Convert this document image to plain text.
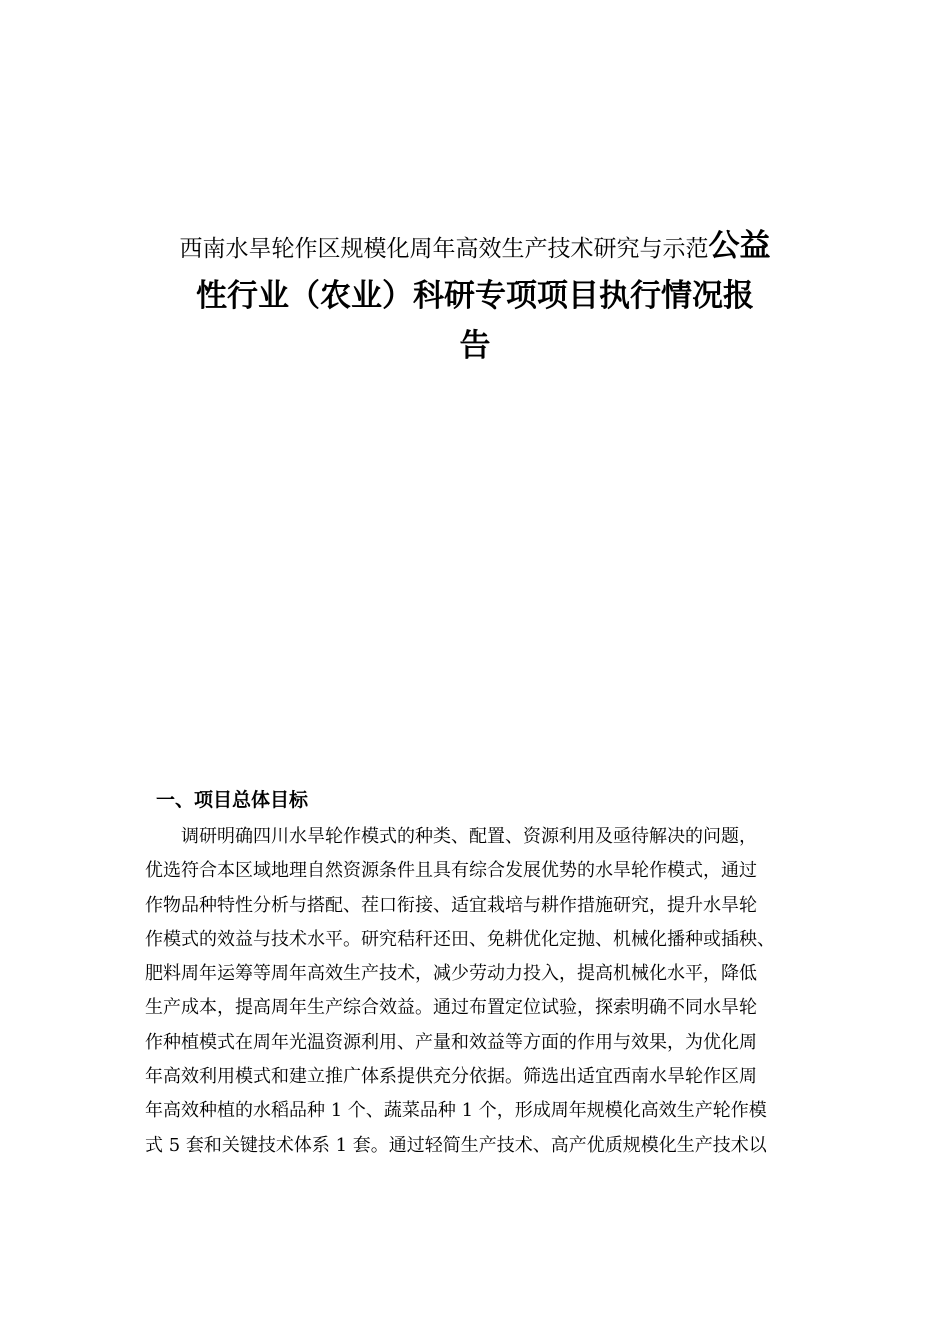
西南水旱轮作区规模化周年高效生产技术研究与示范公益
性行业（农业）科研专项项目执行情况报
告
一、项目总体目标
调研明确四川水旱轮作模式的种类、配置、资源利用及亟待解决的问题，
优选符合本区域地理自然资源条件且具有综合发展优势的水旱轮作模式，通过
作物品种特性分析与搭配、茬口衔接、适宜栽培与耕作措施研究，提升水旱轮
作模式的效益与技术水平。研究秸秆还田、免耕优化定抛、机械化播种或插秧、
肥料周年运筹等周年高效生产技术，减少劳动力投入，提高机械化水平，降低
生产成本，提高周年生产综合效益。通过布置定位试验，探索明确不同水旱轮
作种植模式在周年光温资源利用、产量和效益等方面的作用与效果，为优化周
年高效利用模式和建立推广体系提供充分依据。筛选出适宜西南水旱轮作区周
年高效种植的水稻品种 1 个、蔬菜品种 1 个，形成周年规模化高效生产轮作模
式 5 套和关键技术体系 1 套。通过轻简生产技术、高产优质规模化生产技术以
